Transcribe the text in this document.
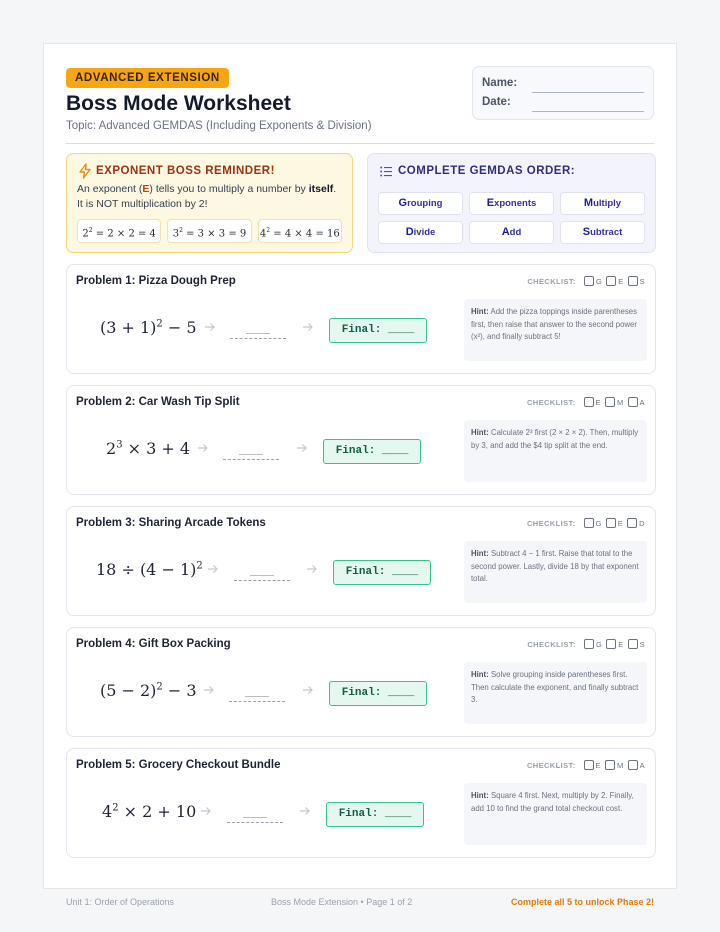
ADVANCED EXTENSION
Boss Mode Worksheet
Topic: Advanced GEMDAS (Including Exponents & Division)
Name:
Date:
EXPONENT BOSS REMINDER!
An exponent (E) tells you to multiply a number by itself. It is NOT multiplication by 2!
$2^2 = 2 \times 2 = 4$	$3^2 = 3 \times 3 = 9$	$4^2 = 4 \times 4 = 16$
COMPLETE GEMDAS ORDER:
Grouping	Exponents	Multiply
Divide	Add	Subtract
Problem 1: Pizza Dough Prep	CHECKLIST:	G E S
$(3 + 1)^2 - 5$	____	Final: ____
Hint: Add the pizza toppings inside parentheses first, then raise that answer to the second power (x²), and finally subtract 5!
Problem 2: Car Wash Tip Split	CHECKLIST:	E M A
$2^3 \times 3 + 4$	____	Final: ____
Hint: Calculate 2³ first (2 × 2 × 2). Then, multiply by 3, and add the $4 tip split at the end.
Problem 3: Sharing Arcade Tokens	CHECKLIST:	G E D
$18 \div (4 - 1)^2$	____	Final: ____
Hint: Subtract 4 − 1 first. Raise that total to the second power. Lastly, divide 18 by that exponent total.
Problem 4: Gift Box Packing	CHECKLIST:	G E S
$(5 - 2)^2 - 3$	____	Final: ____
Hint: Solve grouping inside parentheses first. Then calculate the exponent, and finally subtract 3.
Problem 5: Grocery Checkout Bundle	CHECKLIST:	E M A
$4^2 \times 2 + 10$	____	Final: ____
Hint: Square 4 first. Next, multiply by 2. Finally, add 10 to find the grand total checkout cost.
Unit 1: Order of Operations	Boss Mode Extension • Page 1 of 2	Complete all 5 to unlock Phase 2!
